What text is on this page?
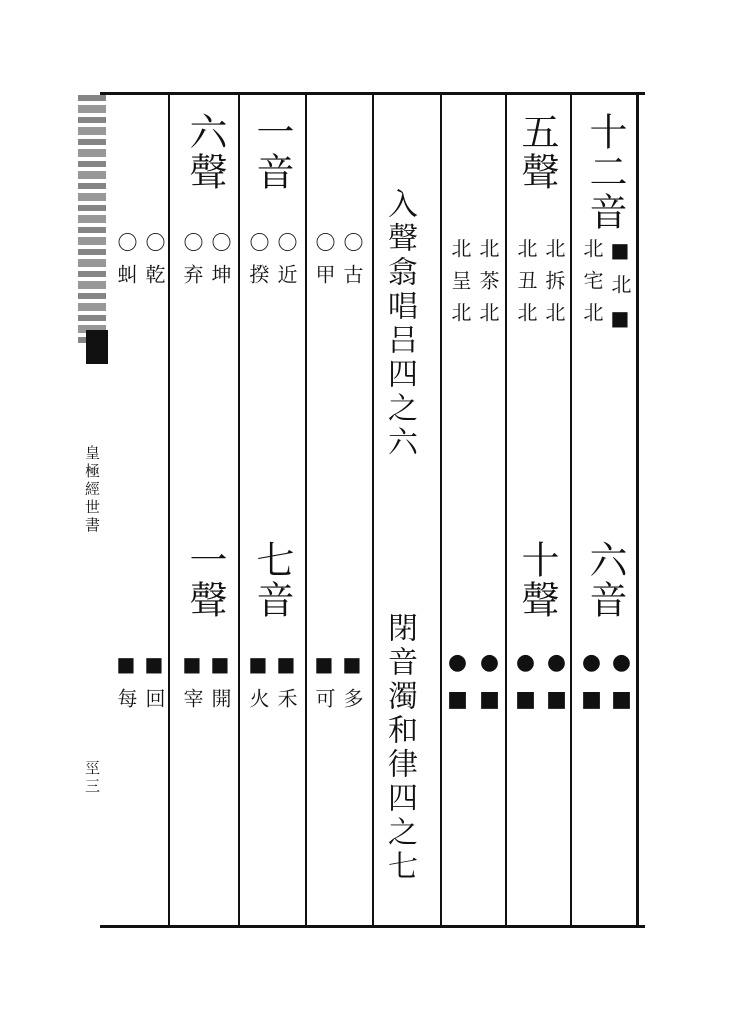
皇極經世書
巠三
入聲翕唱吕四之六
閉音濁和律四之七
十二音
■北■
北宅北
五聲
北拆北
北丑北
北茶北
北呈北
〇古
〇甲
一音
〇近
〇揆
六聲
〇坤
〇弃
〇乾
〇虯
六音
十聲
七音
一聲
●■
●■
●■
●■
●■
●■
■多
■可
■禾
■火
■開
■宰
■回
■每
